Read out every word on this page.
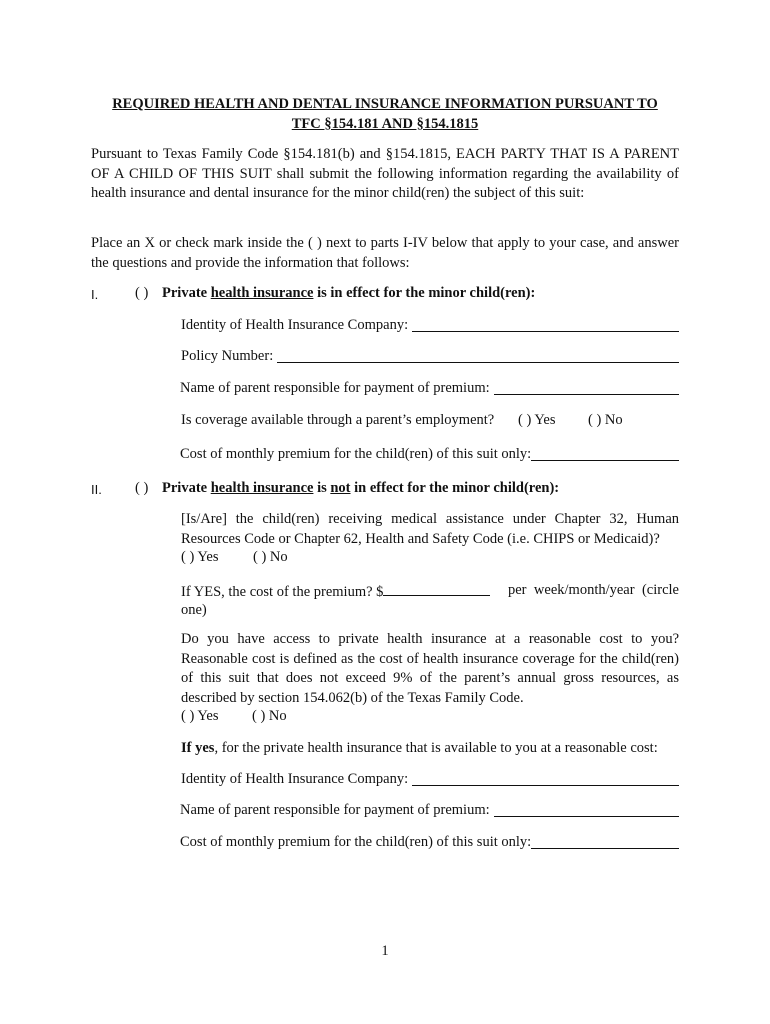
REQUIRED HEALTH AND DENTAL INSURANCE INFORMATION PURSUANT TO
TFC §154.181 AND §154.1815
Pursuant to Texas Family Code §154.181(b) and §154.1815, EACH PARTY THAT IS A PARENT OF A CHILD OF THIS SUIT shall submit the following information regarding the availability of health insurance and dental insurance for the minor child(ren) the subject of this suit:
Place an X or check mark inside the ( ) next to parts I-IV below that apply to your case, and answer the questions and provide the information that follows:
I.	( ) Private health insurance is in effect for the minor child(ren):
Identity of Health Insurance Company:
Policy Number:
Name of parent responsible for payment of premium:
Is coverage available through a parent’s employment? ( ) Yes ( ) No
Cost of monthly premium for the child(ren) of this suit only:
II. ( ) Private health insurance is not in effect for the minor child(ren):
[Is/Are] the child(ren) receiving medical assistance under Chapter 32, Human Resources Code or Chapter 62, Health and Safety Code (i.e. CHIPS or Medicaid)?
( ) Yes ( ) No
If YES, the cost of the premium? $	per week/month/year (circle one)
Do you have access to private health insurance at a reasonable cost to you? Reasonable cost is defined as the cost of health insurance coverage for the child(ren) of this suit that does not exceed 9% of the parent’s annual gross resources, as described by section 154.062(b) of the Texas Family Code.
( ) Yes ( ) No
If yes, for the private health insurance that is available to you at a reasonable cost:
Identity of Health Insurance Company:
Name of parent responsible for payment of premium:
Cost of monthly premium for the child(ren) of this suit only:
1
